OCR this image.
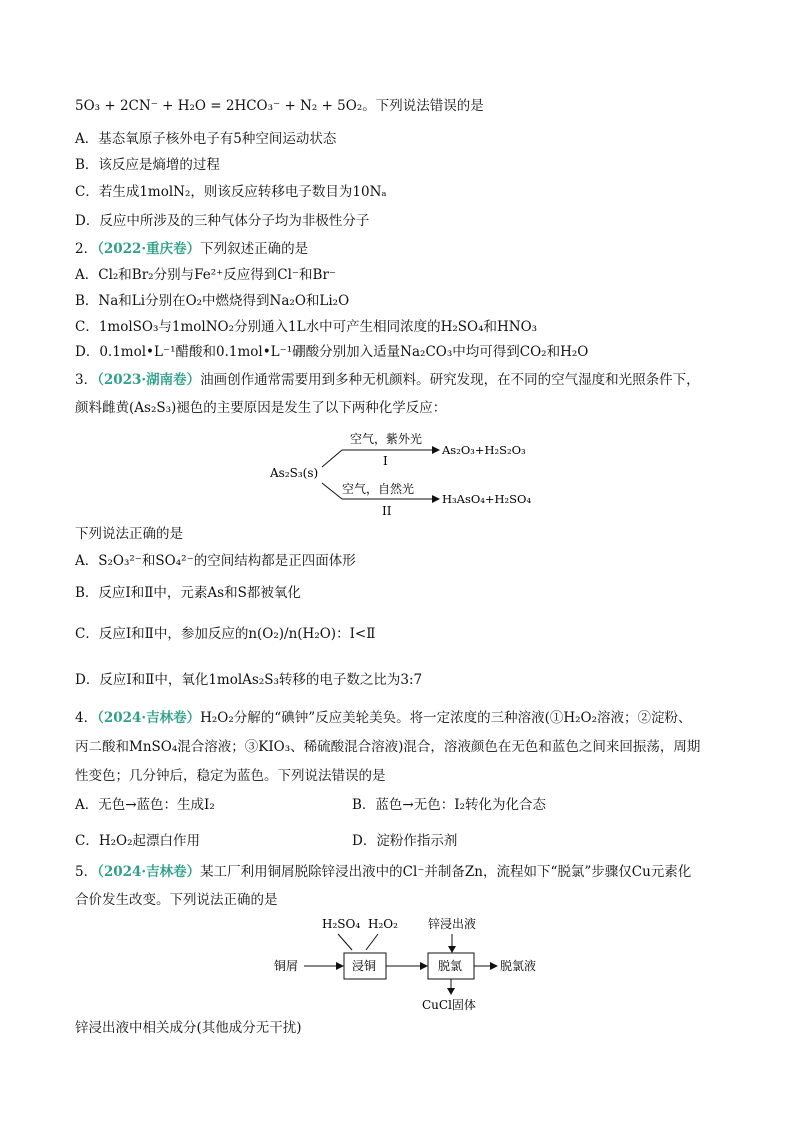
5O₃ + 2CN⁻ + H₂O = 2HCO₃⁻ + N₂ + 5O₂。下列说法错误的是
A．基态氧原子核外电子有5种空间运动状态
B．该反应是熵增的过程
C．若生成1molN₂，则该反应转移电子数目为10Nₐ
D．反应中所涉及的三种气体分子均为非极性分子
2．（2022·重庆卷）下列叙述正确的是
A．Cl₂和Br₂分别与Fe²⁺反应得到Cl⁻和Br⁻
B．Na和Li分别在O₂中燃烧得到Na₂O和Li₂O
C．1molSO₃与1molNO₂分别通入1L水中可产生相同浓度的H₂SO₄和HNO₃
D．0.1mol•L⁻¹醋酸和0.1mol•L⁻¹硼酸分别加入适量Na₂CO₃中均可得到CO₂和H₂O
3．（2023·湖南卷）油画创作通常需要用到多种无机颜料。研究发现，在不同的空气湿度和光照条件下，
颜料雌黄(As₂S₃)褪色的主要原因是发生了以下两种化学反应：
As₂S₃(s)
空气，紫外光
I
As₂O₃+H₂S₂O₃
空气，自然光
II
H₃AsO₄+H₂SO₄
下列说法正确的是
A．S₂O₃²⁻和SO₄²⁻的空间结构都是正四面体形
B．反应Ⅰ和Ⅱ中，元素As和S都被氧化
C．反应Ⅰ和Ⅱ中，参加反应的n(O₂)/n(H₂O)：Ⅰ<Ⅱ
D．反应Ⅰ和Ⅱ中，氧化1molAs₂S₃转移的电子数之比为3:7
4．（2024·吉林卷）H₂O₂分解的“碘钟”反应美轮美奂。将一定浓度的三种溶液(①H₂O₂溶液；②淀粉、
丙二酸和MnSO₄混合溶液；③KIO₃、稀硫酸混合溶液)混合，溶液颜色在无色和蓝色之间来回振荡，周期
性变色；几分钟后，稳定为蓝色。下列说法错误的是
A．无色→蓝色：生成I₂	B．蓝色→无色：I₂转化为化合态
C．H₂O₂起漂白作用	D．淀粉作指示剂
5．（2024·吉林卷）某工厂利用铜屑脱除锌浸出液中的Cl⁻并制备Zn，流程如下“脱氯”步骤仅Cu元素化
合价发生改变。下列说法正确的是
H₂SO₄ H₂O₂	锌浸出液
铜屑	浸铜	脱氯	脱氯液
CuCl固体
锌浸出液中相关成分(其他成分无干扰)
